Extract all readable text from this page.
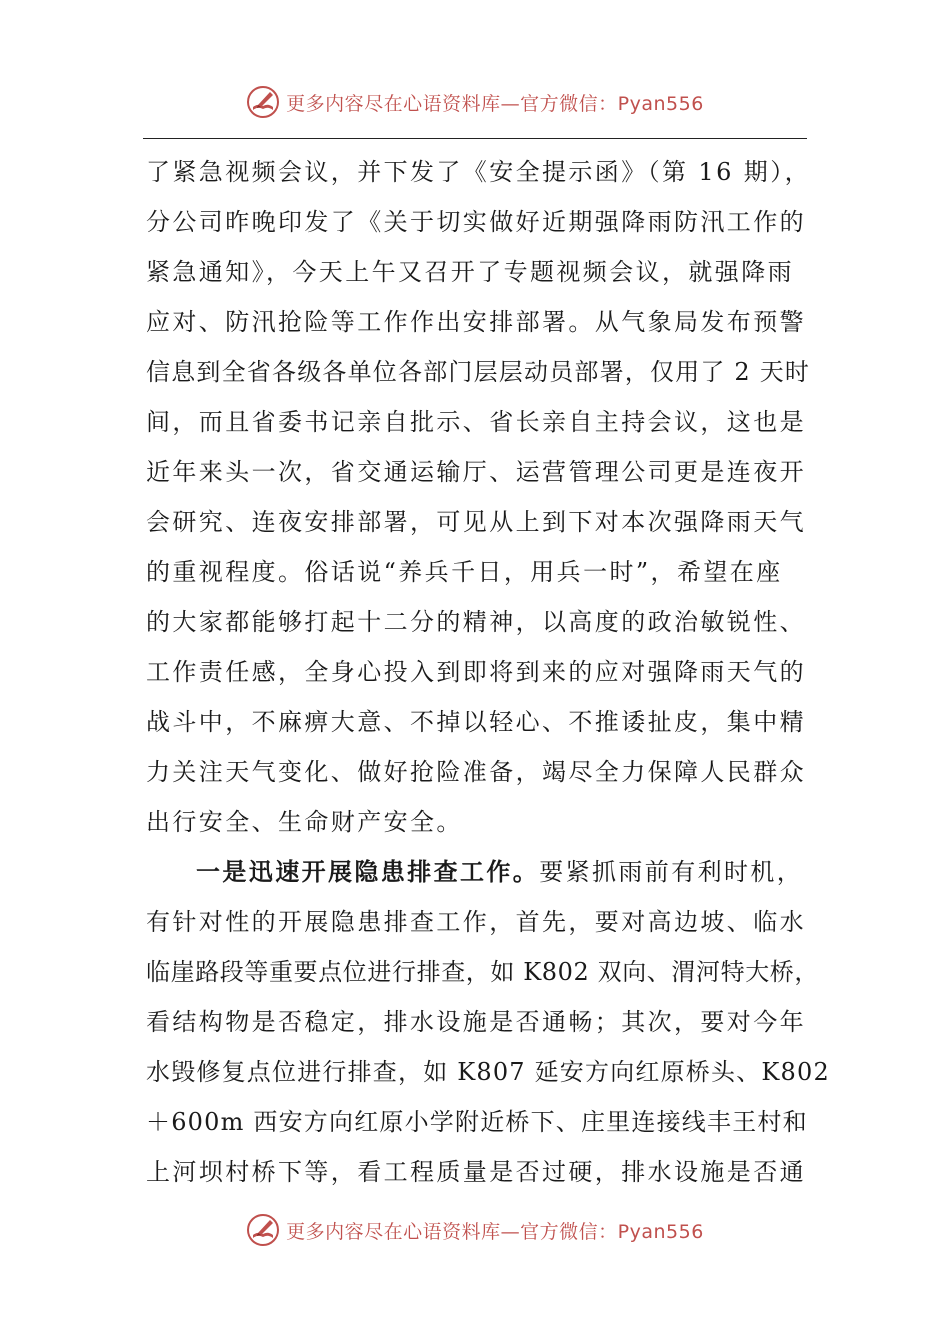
更多内容尽在心语资料库—官方微信：Pyan556
了紧急视频会议，并下发了《安全提示函》（第 16 期），
分公司昨晚印发了《关于切实做好近期强降雨防汛工作的
紧急通知》，今天上午又召开了专题视频会议，就强降雨
应对、防汛抢险等工作作出安排部署。从气象局发布预警
信息到全省各级各单位各部门层层动员部署，仅用了 2 天时
间，而且省委书记亲自批示、省长亲自主持会议，这也是
近年来头一次，省交通运输厅、运营管理公司更是连夜开
会研究、连夜安排部署，可见从上到下对本次强降雨天气
的重视程度。俗话说“养兵千日，用兵一时”，希望在座
的大家都能够打起十二分的精神，以高度的政治敏锐性、
工作责任感，全身心投入到即将到来的应对强降雨天气的
战斗中，不麻痹大意、不掉以轻心、不推诿扯皮，集中精
力关注天气变化、做好抢险准备，竭尽全力保障人民群众
出行安全、生命财产安全。
一是迅速开展隐患排查工作。要紧抓雨前有利时机，
有针对性的开展隐患排查工作，首先，要对高边坡、临水
临崖路段等重要点位进行排查，如 K802 双向、渭河特大桥，
看结构物是否稳定，排水设施是否通畅；其次，要对今年
水毁修复点位进行排查，如 K807 延安方向红原桥头、K802
＋600m 西安方向红原小学附近桥下、庄里连接线丰王村和
上河坝村桥下等，看工程质量是否过硬，排水设施是否通
更多内容尽在心语资料库—官方微信：Pyan556
